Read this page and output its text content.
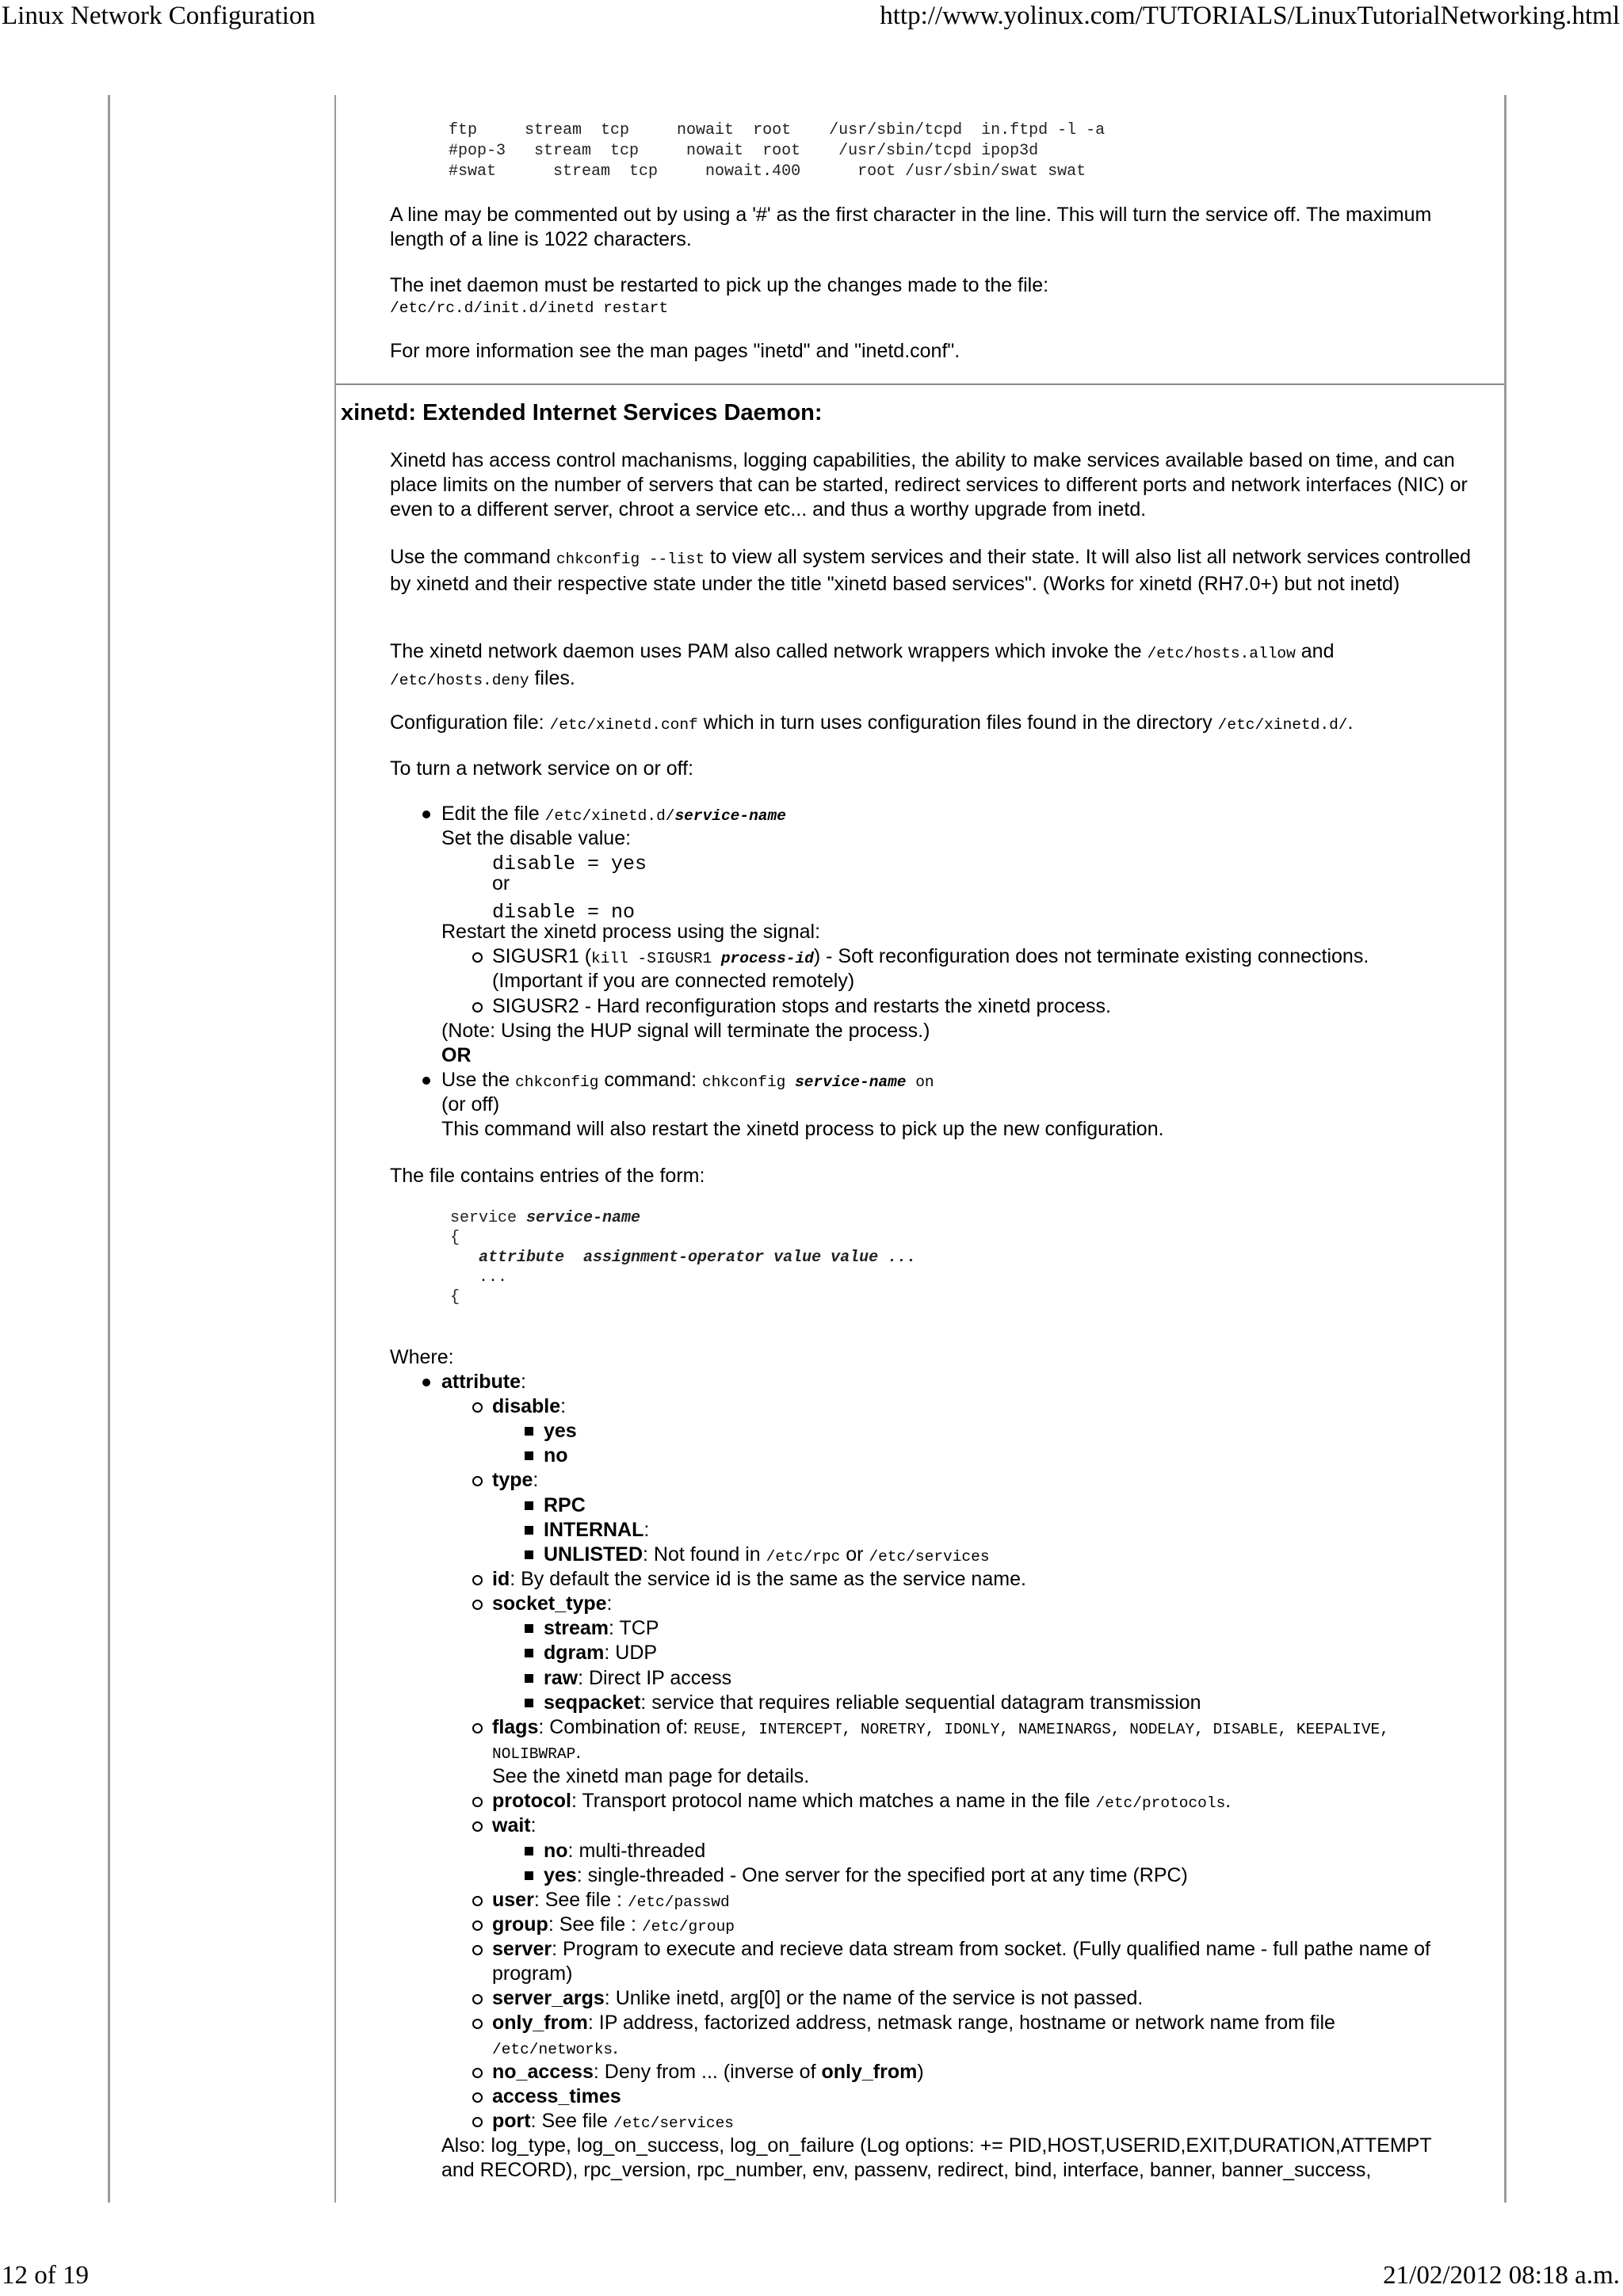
Linux Network Configuration	http://www.yolinux.com/TUTORIALS/LinuxTutorialNetworking.html
ftp     stream  tcp     nowait  root    /usr/sbin/tcpd  in.ftpd -l -a
#pop-3   stream  tcp     nowait  root    /usr/sbin/tcpd ipop3d
#swat      stream  tcp     nowait.400      root /usr/sbin/swat swat
A line may be commented out by using a '#' as the first character in the line. This will turn the service off. The maximum length of a line is 1022 characters.
The inet daemon must be restarted to pick up the changes made to the file:
/etc/rc.d/init.d/inetd restart
For more information see the man pages "inetd" and "inetd.conf".
xinetd: Extended Internet Services Daemon:
Xinetd has access control machanisms, logging capabilities, the ability to make services available based on time, and can place limits on the number of servers that can be started, redirect services to different ports and network interfaces (NIC) or even to a different server, chroot a service etc... and thus a worthy upgrade from inetd.
Use the command chkconfig --list to view all system services and their state. It will also list all network services controlled by xinetd and their respective state under the title "xinetd based services". (Works for xinetd (RH7.0+) but not inetd)
The xinetd network daemon uses PAM also called network wrappers which invoke the /etc/hosts.allow and
/etc/hosts.deny files.
Configuration file: /etc/xinetd.conf which in turn uses configuration files found in the directory /etc/xinetd.d/.
To turn a network service on or off:
Edit the file /etc/xinetd.d/service-name
Set the disable value:
disable = yes
or
disable = no
Restart the xinetd process using the signal:
SIGUSR1 (kill -SIGUSR1 process-id) - Soft reconfiguration does not terminate existing connections.
(Important if you are connected remotely)
SIGUSR2 - Hard reconfiguration stops and restarts the xinetd process.
(Note: Using the HUP signal will terminate the process.)
OR
Use the chkconfig command: chkconfig service-name on
(or off)
This command will also restart the xinetd process to pick up the new configuration.
The file contains entries of the form:
service service-name
{
attribute  assignment-operator value value ...
...
{
Where:
attribute:
disable:
yes
no
type:
RPC
INTERNAL:
UNLISTED: Not found in /etc/rpc or /etc/services
id: By default the service id is the same as the service name.
socket_type:
stream: TCP
dgram: UDP
raw: Direct IP access
seqpacket: service that requires reliable sequential datagram transmission
flags: Combination of: REUSE, INTERCEPT, NORETRY, IDONLY, NAMEINARGS, NODELAY, DISABLE, KEEPALIVE,
NOLIBWRAP.
See the xinetd man page for details.
protocol: Transport protocol name which matches a name in the file /etc/protocols.
wait:
no: multi-threaded
yes: single-threaded - One server for the specified port at any time (RPC)
user: See file : /etc/passwd
group: See file : /etc/group
server: Program to execute and recieve data stream from socket. (Fully qualified name - full pathe name of
program)
server_args: Unlike inetd, arg[0] or the name of the service is not passed.
only_from: IP address, factorized address, netmask range, hostname or network name from file
/etc/networks.
no_access: Deny from ... (inverse of only_from)
access_times
port: See file /etc/services
Also: log_type, log_on_success, log_on_failure (Log options: += PID,HOST,USERID,EXIT,DURATION,ATTEMPT
and RECORD), rpc_version, rpc_number, env, passenv, redirect, bind, interface, banner, banner_success,
12 of 19	21/02/2012 08:18 a.m.
